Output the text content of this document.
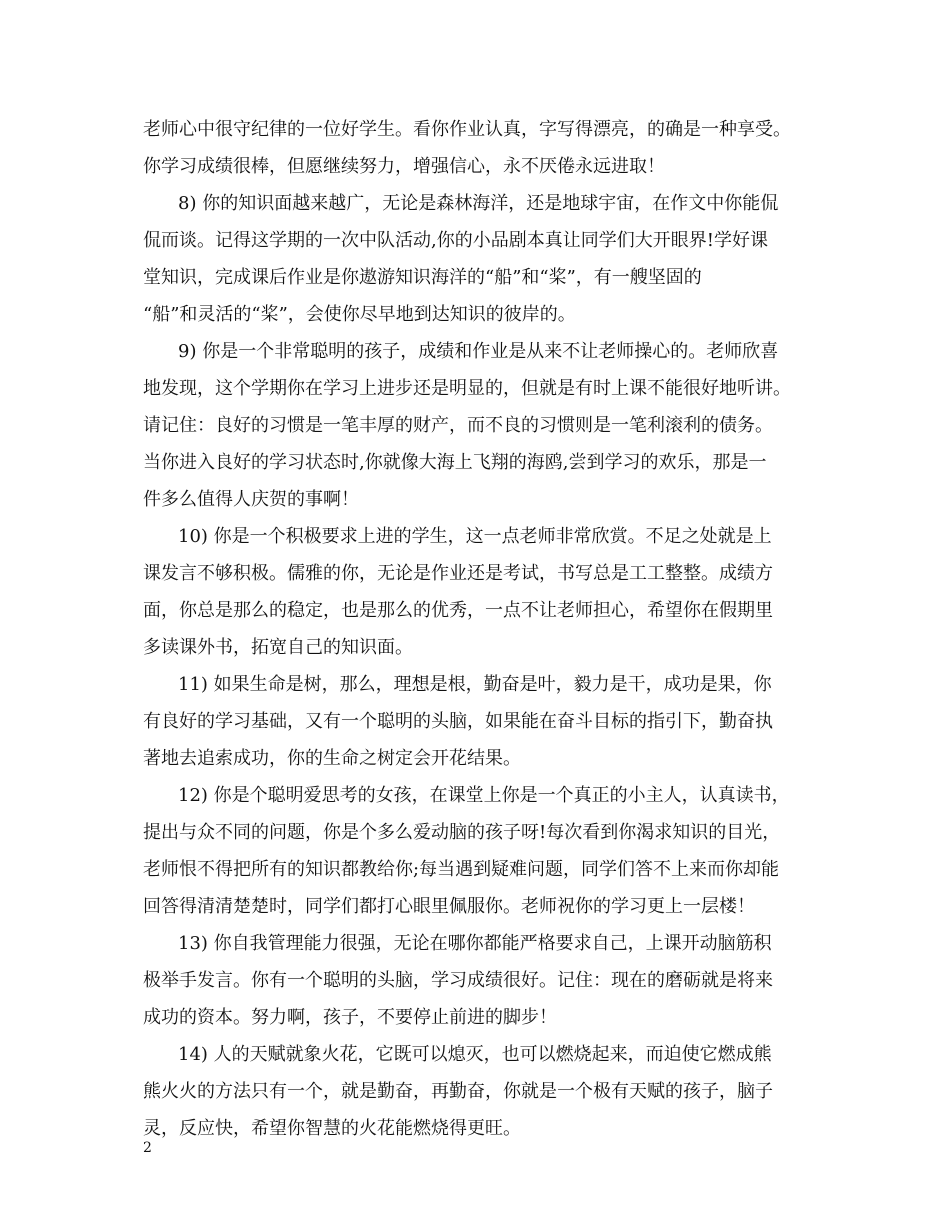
老师心中很守纪律的一位好学生。看你作业认真，字写得漂亮，的确是一种享受。
你学习成绩很棒，但愿继续努力，增强信心，永不厌倦永远进取！
8) 你的知识面越来越广，无论是森林海洋，还是地球宇宙，在作文中你能侃
侃而谈。记得这学期的一次中队活动,你的小品剧本真让同学们大开眼界!学好课
堂知识，完成课后作业是你遨游知识海洋的“船”和“桨”，有一艘坚固的
“船”和灵活的“桨”，会使你尽早地到达知识的彼岸的。
9) 你是一个非常聪明的孩子，成绩和作业是从来不让老师操心的。老师欣喜
地发现，这个学期你在学习上进步还是明显的，但就是有时上课不能很好地听讲。
请记住：良好的习惯是一笔丰厚的财产，而不良的习惯则是一笔利滚利的债务。
当你进入良好的学习状态时,你就像大海上飞翔的海鸥,尝到学习的欢乐，那是一
件多么值得人庆贺的事啊！
10) 你是一个积极要求上进的学生，这一点老师非常欣赏。不足之处就是上
课发言不够积极。儒雅的你，无论是作业还是考试，书写总是工工整整。成绩方
面，你总是那么的稳定，也是那么的优秀，一点不让老师担心，希望你在假期里
多读课外书，拓宽自己的知识面。
11) 如果生命是树，那么，理想是根，勤奋是叶，毅力是干，成功是果，你
有良好的学习基础，又有一个聪明的头脑，如果能在奋斗目标的指引下，勤奋执
著地去追索成功，你的生命之树定会开花结果。
12) 你是个聪明爱思考的女孩，在课堂上你是一个真正的小主人，认真读书，
提出与众不同的问题，你是个多么爱动脑的孩子呀!每次看到你渴求知识的目光，
老师恨不得把所有的知识都教给你;每当遇到疑难问题，同学们答不上来而你却能
回答得清清楚楚时，同学们都打心眼里佩服你。老师祝你的学习更上一层楼！
13) 你自我管理能力很强，无论在哪你都能严格要求自己，上课开动脑筋积
极举手发言。你有一个聪明的头脑，学习成绩很好。记住：现在的磨砺就是将来
成功的资本。努力啊，孩子，不要停止前进的脚步！
14) 人的天赋就象火花，它既可以熄灭，也可以燃烧起来，而迫使它燃成熊
熊火火的方法只有一个，就是勤奋，再勤奋，你就是一个极有天赋的孩子，脑子
灵，反应快，希望你智慧的火花能燃烧得更旺。
2
